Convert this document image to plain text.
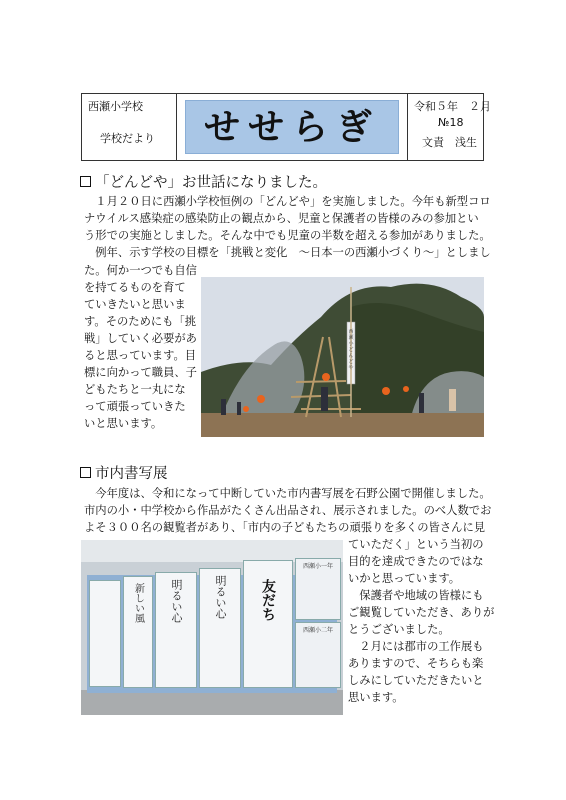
西瀬小学校
学校だより	せせらぎ
令和５年　２月
№18
文責　浅生
「どんどや」お世話になりました。
　１月２０日に西瀬小学校恒例の「どんどや」を実施しました。今年も新型コロ
ナウイルス感染症の感染防止の観点から、児童と保護者の皆様のみの参加とい
う形での実施としました。そんな中でも児童の半数を超える参加がありました。
　例年、示す学校の目標を「挑戦と変化　～日本一の西瀬小づくり～」としまし
た。何か一つでも自信
を持てるものを育て
ていきたいと思いま
す。そのためにも「挑
戦」していく必要があ
ると思っています。目
標に向かって職員、子
どもたちと一丸にな
って頑張っていきた
いと思います。
西瀬小どんどや
市内書写展
　今年度は、令和になって中断していた市内書写展を石野公園で開催しました。
市内の小・中学校から作品がたくさん出品され、展示されました。のべ人数でお
よそ３００名の観覧者があり、「市内の子どもたちの頑張りを多くの皆さんに見
ていただく」という当初の
目的を達成できたのではな
いかと思っています。
　保護者や地域の皆様にも
ご観覧していただき、ありが
とうございました。
　２月には郡市の工作展も
ありますので、そちらも楽
しみにしていただきたいと
思います。
新しい風 明るい心	明るい心 友だち
西瀬小一年
西瀬小二年
